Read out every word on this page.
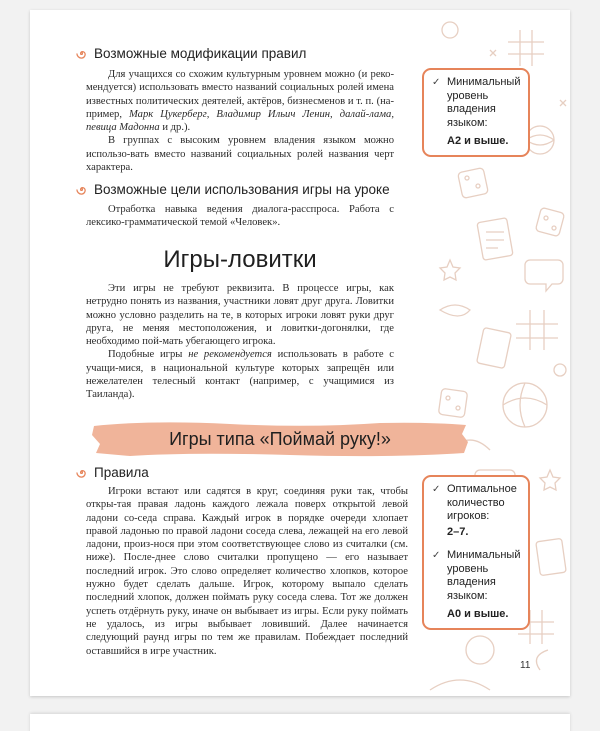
Возможные модификации правил

Для учащихся со схожим культурным уровнем можно (и реко-мендуется) использовать вместо названий социальных ролей имена известных политических деятелей, актёров, бизнесменов и т. п. (на-пример, Марк Цукерберг, Владимир Ильич Ленин, далай-лама, певица Мадонна и др.).

В группах с высоким уровнем владения языком можно использо-вать вместо названий социальных ролей названия черт характера.

Возможные цели использования игры на уроке

Отработка навыка ведения диалога-расспроса. Работа с лексико-грамматической темой «Человек».

Игры-ловитки

Эти игры не требуют реквизита. В процессе игры, как нетрудно понять из названия, участники ловят друг друга. Ловитки можно условно разделить на те, в которых игроки ловят руки друг друга, не меняя местоположения, и ловитки-догонялки, где необходимо пой-мать убегающего игрока.

Подобные игры не рекомендуется использовать в работе с учащи-мися, в национальной культуре которых запрещён или нежелателен телесный контакт (например, с учащимися из Таиланда).

Игры типа «Поймай руку!»
Правила

Игроки встают или садятся в круг, соединяя руки так, чтобы откры-тая правая ладонь каждого лежала поверх открытой левой ладони со-седа справа. Каждый игрок в порядке очереди хлопает правой ладонью по правой ладони соседа слева, лежащей на его левой ладони, произ-нося при этом соответствующее слово из считалки (см. ниже). После-днее слово считалки пропущено — его называет последний игрок. Это слово определяет количество хлопков, которое нужно будет сделать дальше. Игрок, которому выпало сделать последний хлопок, должен поймать руку соседа слева. Тот же должен успеть отдёрнуть руку, иначе он выбывает из игры. Если руку поймать не удалось, из игры выбывает ловивший. Далее начинается следующий раунд игры по тем же правилам. Побеждает последний оставшийся в игре участник.

✓ Минимальный уровень владения языком:
А2 и выше.
✓ Оптимальное количество игроков:
2–7.
✓ Минимальный уровень владения языком:
А0 и выше.
11
